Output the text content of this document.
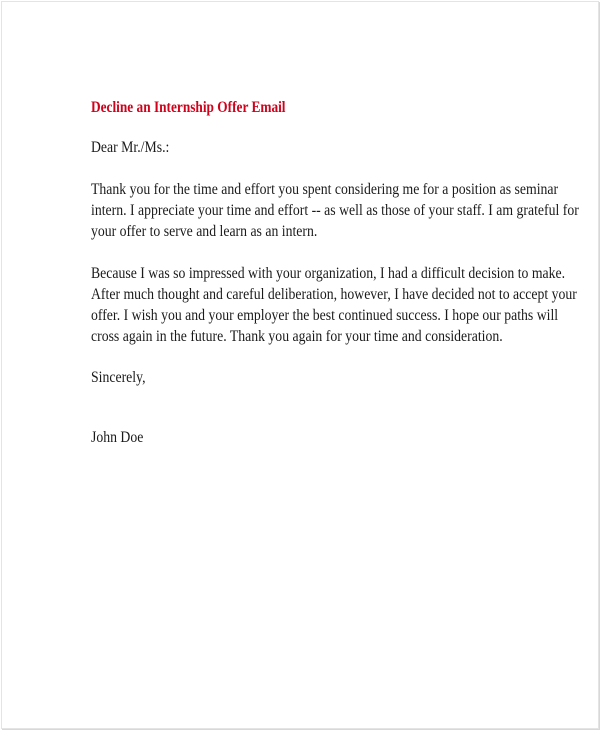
Decline an Internship Offer Email
Dear Mr./Ms.:
Thank you for the time and effort you spent considering me for a position as seminar
intern. I appreciate your time and effort -- as well as those of your staff. I am grateful for
your offer to serve and learn as an intern.
Because I was so impressed with your organization, I had a difficult decision to make.
After much thought and careful deliberation, however, I have decided not to accept your
offer. I wish you and your employer the best continued success. I hope our paths will
cross again in the future. Thank you again for your time and consideration.
Sincerely,
John Doe
